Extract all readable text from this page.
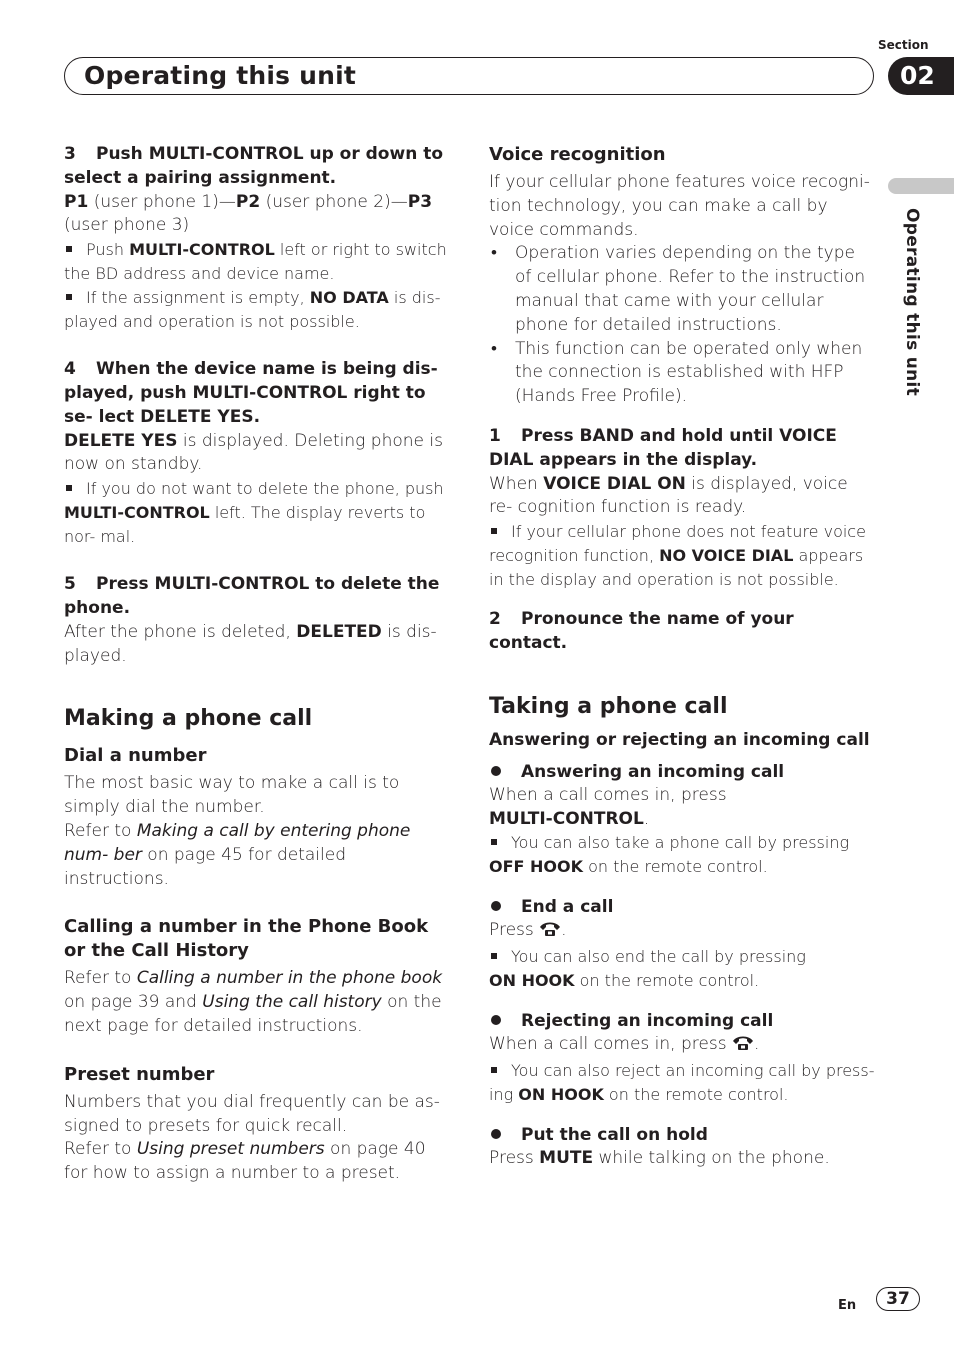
Operating this unit
Section
02
Operating this unit

3 Push MULTI-CONTROL up or down to select a pairing assignment.

P1 (user phone 1)—P2 (user phone 2)—P3 (user phone 3)

Push MULTI-CONTROL left or right to switch the BD address and device name.

If the assignment is empty, NO DATA is dis- played and operation is not possible.

4 When the device name is being dis- played, push MULTI-CONTROL right to se- lect DELETE YES.

DELETE YES is displayed. Deleting phone is now on standby.

If you do not want to delete the phone, push MULTI-CONTROL left. The display reverts to nor- mal.

5 Press MULTI-CONTROL to delete the phone.

After the phone is deleted, DELETED is dis- played.

Making a phone call

Dial a number

The most basic way to make a call is to simply dial the number.

Refer to Making a call by entering phone num- ber on page 45 for detailed instructions.

Calling a number in the Phone Book or the Call History

Refer to Calling a number in the phone book on page 39 and Using the call history on the next page for detailed instructions.

Preset number

Numbers that you dial frequently can be as- signed to presets for quick recall.

Refer to Using preset numbers on page 40 for how to assign a number to a preset.

Voice recognition

If your cellular phone features voice recogni- tion technology, you can make a call by voice commands.

• Operation varies depending on the type of cellular phone. Refer to the instruction manual that came with your cellular phone for detailed instructions.

• This function can be operated only when the connection is established with HFP (Hands Free Profile).

1 Press BAND and hold until VOICE DIAL appears in the display.

When VOICE DIAL ON is displayed, voice re- cognition function is ready.

If your cellular phone does not feature voice recognition function, NO VOICE DIAL appears in the display and operation is not possible.

2 Pronounce the name of your contact.

Taking a phone call

Answering or rejecting an incoming call

Answering an incoming call

When a call comes in, press
MULTI-CONTROL.

You can also take a phone call by pressing
OFF HOOK on the remote control.

End a call

Press .

You can also end the call by pressing
ON HOOK on the remote control.

Rejecting an incoming call

When a call comes in, press .

You can also reject an incoming call by press- ing ON HOOK on the remote control.

Put the call on hold

Press MUTE while talking on the phone.

En	37
